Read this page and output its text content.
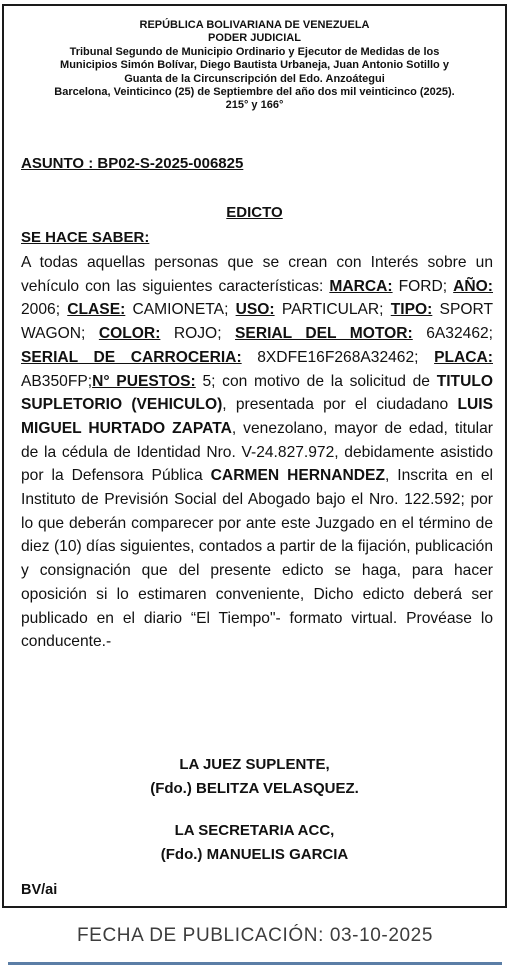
REPÚBLICA BOLIVARIANA DE VENEZUELA
PODER JUDICIAL
Tribunal Segundo de Municipio Ordinario y Ejecutor de Medidas de los
Municipios Simón Bolívar, Diego Bautista Urbaneja, Juan Antonio Sotillo y
Guanta de la Circunscripción del Edo. Anzoátegui
Barcelona, Veinticinco (25) de Septiembre del año dos mil veinticinco (2025).
215° y 166°
ASUNTO : BP02-S-2025-006825
EDICTO
SE HACE SABER:
A todas aquellas personas que se crean con Interés sobre un vehículo con las siguientes características: MARCA: FORD; AÑO: 2006; CLASE: CAMIONETA; USO: PARTICULAR; TIPO: SPORT WAGON; COLOR: ROJO; SERIAL DEL MOTOR: 6A32462; SERIAL DE CARROCERIA: 8XDFE16F268A32462; PLACA: AB350FP;N° PUESTOS: 5; con motivo de la solicitud de TITULO SUPLETORIO (VEHICULO), presentada por el ciudadano LUIS MIGUEL HURTADO ZAPATA, venezolano, mayor de edad, titular de la cédula de Identidad Nro. V-24.827.972, debidamente asistido por la Defensora Pública CARMEN HERNANDEZ, Inscrita en el Instituto de Previsión Social del Abogado bajo el Nro. 122.592; por lo que deberán comparecer por ante este Juzgado en el término de diez (10) días siguientes, contados a partir de la fijación, publicación y consignación que del presente edicto se haga, para hacer oposición si lo estimaren conveniente, Dicho edicto deberá ser publicado en el diario “El Tiempo"- formato virtual. Provéase lo conducente.-
LA JUEZ SUPLENTE,
(Fdo.) BELITZA VELASQUEZ.
LA SECRETARIA ACC,
(Fdo.) MANUELIS GARCIA
BV/ai
FECHA DE PUBLICACIÓN: 03-10-2025
